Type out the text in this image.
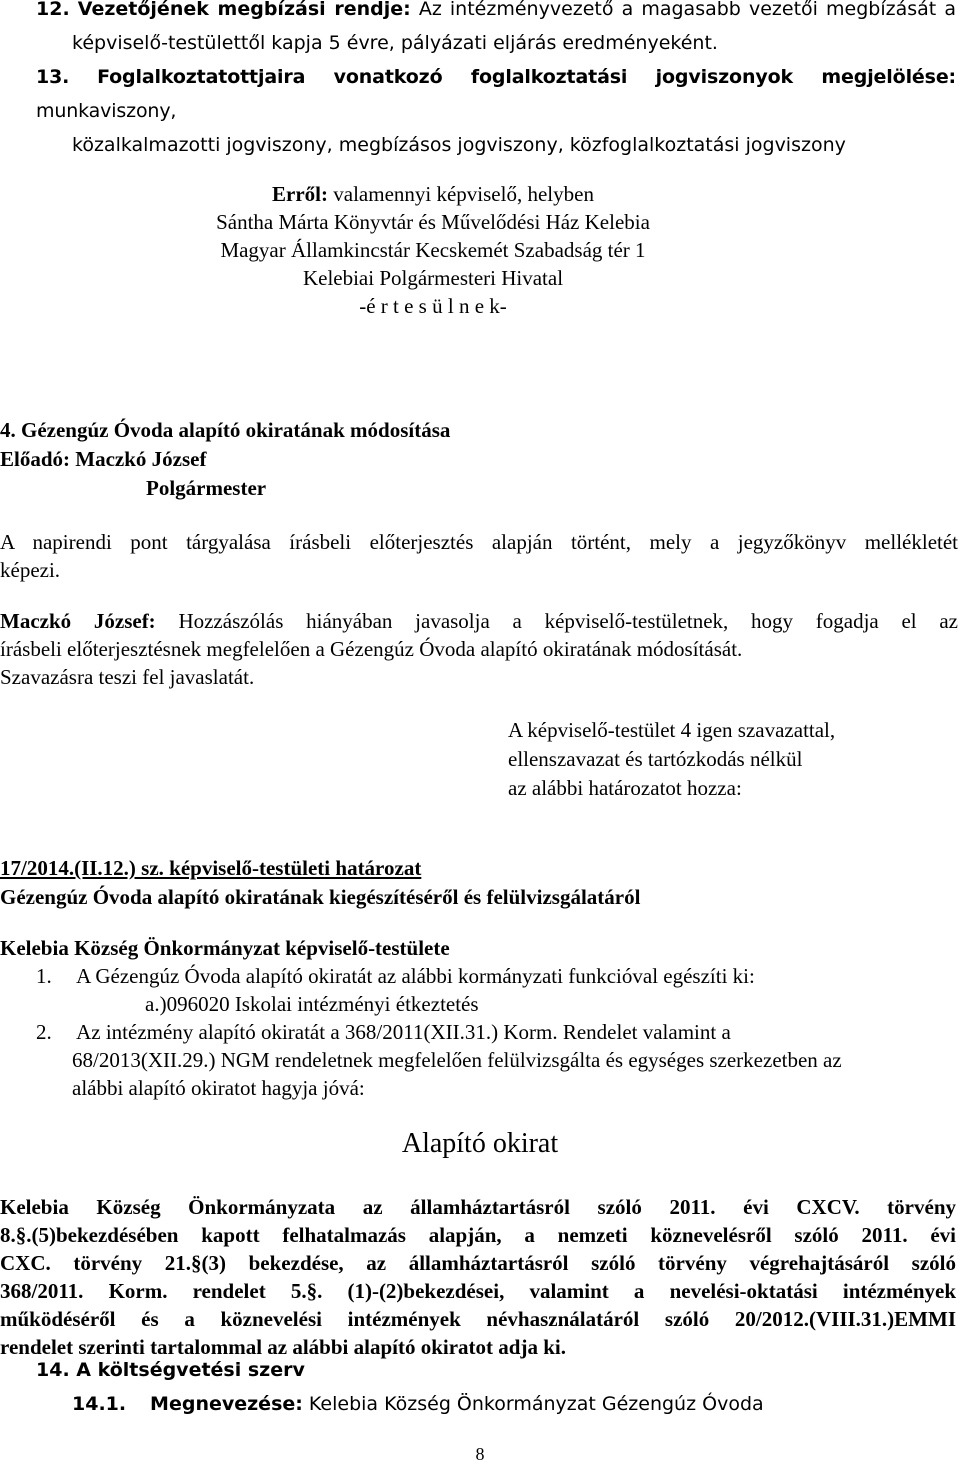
12. Vezetőjének megbízási rendje: Az intézményvezető a magasabb vezetői megbízását a

képviselő-testülettől kapja 5 évre, pályázati eljárás eredményeként.

13. Foglalkoztatottjaira vonatkozó foglalkoztatási jogviszonyok megjelölése: munkaviszony,

közalkalmazotti jogviszony, megbízásos jogviszony, közfoglalkoztatási jogviszony

Erről: valamennyi képviselő, helyben

Sántha Márta Könyvtár és Művelődési Ház Kelebia

Magyar Államkincstár Kecskemét Szabadság tér 1

Kelebiai Polgármesteri Hivatal

-é r t e s ü l n e k-

4. Gézengúz Óvoda alapító okiratának módosítása

Előadó: Maczkó József

Polgármester

A napirendi pont tárgyalása írásbeli előterjesztés alapján történt, mely a jegyzőkönyv mellékletét

képezi.

Maczkó József: Hozzászólás hiányában javasolja a képviselő-testületnek, hogy fogadja el az

írásbeli előterjesztésnek megfelelően a Gézengúz Óvoda alapító okiratának módosítását.

Szavazásra teszi fel javaslatát.

A képviselő-testület 4 igen szavazattal,

ellenszavazat és tartózkodás nélkül

az alábbi határozatot hozza:

17/2014.(II.12.) sz. képviselő-testületi határozat

Gézengúz Óvoda alapító okiratának kiegészítéséről és felülvizsgálatáról

Kelebia Község Önkormányzat képviselő-testülete

1. A Gézengúz Óvoda alapító okiratát az alábbi kormányzati funkcióval egészíti ki:

a.)096020 Iskolai intézményi étkeztetés

2. Az intézmény alapító okiratát a 368/2011(XII.31.) Korm. Rendelet valamint a

68/2013(XII.29.) NGM rendeletnek megfelelően felülvizsgálta és egységes szerkezetben az

alábbi alapító okiratot hagyja jóvá:

Alapító okirat

Kelebia Község Önkormányzata az államháztartásról szóló 2011. évi CXCV. törvény

8.§.(5)bekezdésében kapott felhatalmazás alapján, a nemzeti köznevelésről szóló 2011. évi

CXC. törvény 21.§(3) bekezdése, az államháztartásról szóló törvény végrehajtásáról szóló

368/2011. Korm. rendelet 5.§. (1)-(2)bekezdései, valamint a nevelési-oktatási intézmények

működéséről és a köznevelési intézmények névhasználatáról szóló 20/2012.(VIII.31.)EMMI

rendelet szerinti tartalommal az alábbi alapító okiratot adja ki.

14. A költségvetési szerv

14.1. Megnevezése: Kelebia Község Önkormányzat Gézengúz Óvoda

8
